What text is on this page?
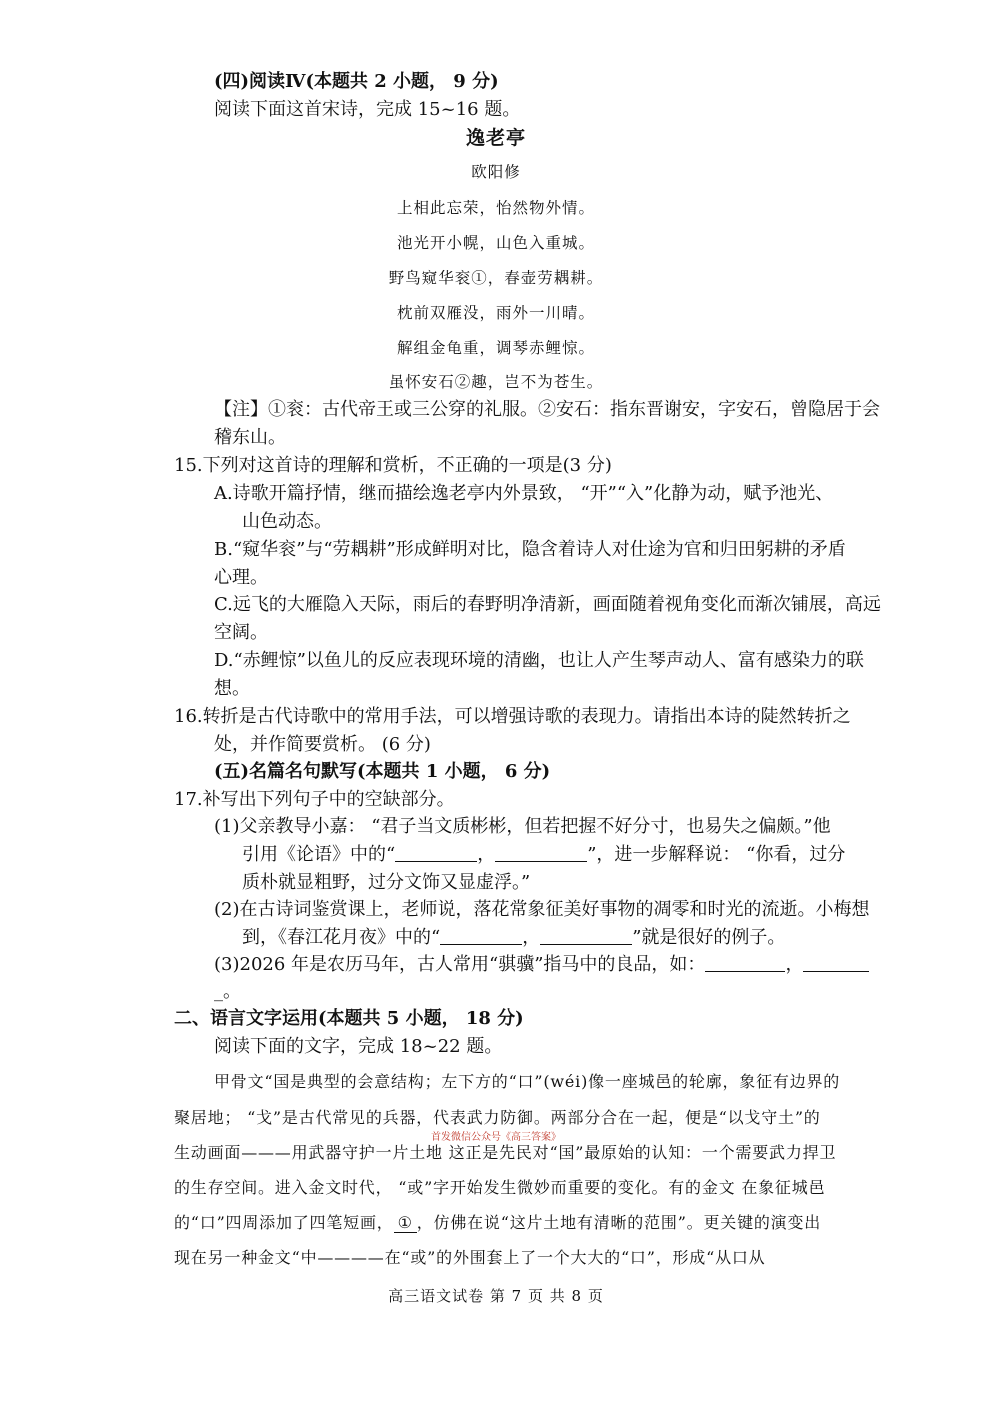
(四)阅读Ⅳ(本题共 2 小题， 9 分)
阅读下面这首宋诗，完成 15~16 题。
逸老亭
欧阳修
上相此忘荣，怡然物外情。
池光开小幌，山色入重城。
野鸟窥华衮①，春壶劳耦耕。
枕前双雁没，雨外一川晴。
解组金龟重，调琴赤鲤惊。
虽怀安石②趣，岂不为苍生。
【注】①衮：古代帝王或三公穿的礼服。②安石：指东晋谢安，字安石，曾隐居于会
稽东山。
15.下列对这首诗的理解和赏析，不正确的一项是(3 分)
A.诗歌开篇抒情，继而描绘逸老亭内外景致， “开”“入”化静为动，赋予池光、
山色动态。
B.“窥华衮”与“劳耦耕”形成鲜明对比，隐含着诗人对仕途为官和归田躬耕的矛盾
心理。
C.远飞的大雁隐入天际，雨后的春野明净清新，画面随着视角变化而渐次铺展，高远
空阔。
D.“赤鲤惊”以鱼儿的反应表现环境的清幽，也让人产生琴声动人、富有感染力的联
想。
16.转折是古代诗歌中的常用手法，可以增强诗歌的表现力。请指出本诗的陡然转折之
处，并作简要赏析。 (6 分)
(五)名篇名句默写(本题共 1 小题， 6 分)
17.补写出下列句子中的空缺部分。
(1)父亲教导小嘉： “君子当文质彬彬，但若把握不好分寸，也易失之偏颇。”他
引用《论语》中的“	，	”，进一步解释说： “你看，过分
质朴就显粗野，过分文饰又显虚浮。”
(2)在古诗词鉴赏课上，老师说，落花常象征美好事物的凋零和时光的流逝。小梅想
到，《春江花月夜》中的“	，	”就是很好的例子。
(3)2026 年是农历马年，古人常用“骐骥”指马中的良品，如：	，
_。
二、语言文字运用(本题共 5 小题， 18 分)
阅读下面的文字，完成 18~22 题。
甲骨文“国是典型的会意结构；左下方的“口”(wéi)像一座城邑的轮廓，象征有边界的
聚居地； “戈”是古代常见的兵器，代表武力防御。两部分合在一起，便是“以戈守土”的
生动画面———用武器守护一片土地 这正是先民对“国”最原始的认知：一个需要武力捍卫
的生存空间。进入金文时代， “或”字开始发生微妙而重要的变化。有的金文 在象征城邑
的“口”四周添加了四笔短画， ① ，仿佛在说“这片土地有清晰的范围”。更关键的演变出
现在另一种金文“中————在“或”的外围套上了一个大大的“口”，形成“从口从
首发微信公众号《高三答案》
高三语文试卷 第 7 页 共 8 页
